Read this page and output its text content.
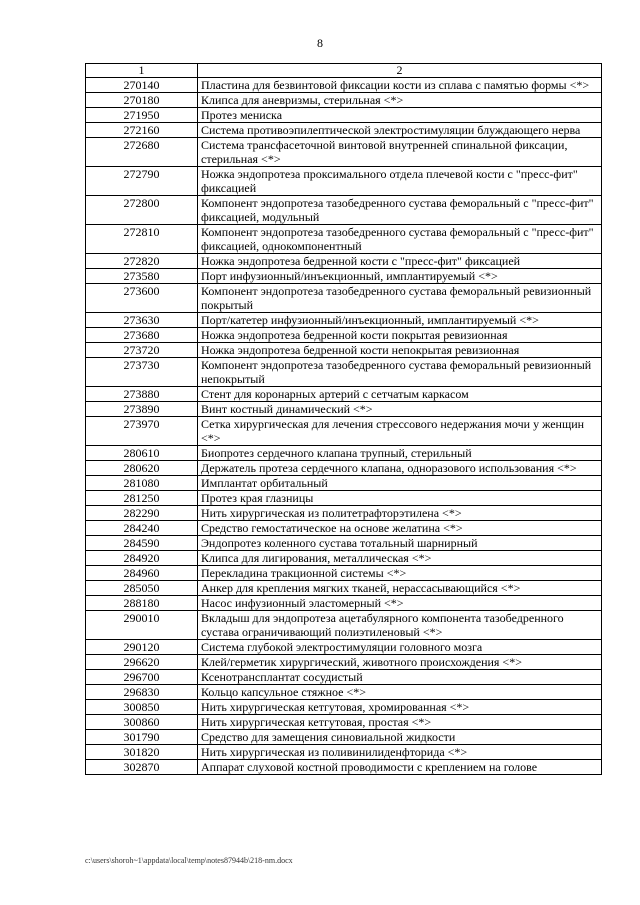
8
1	2
270140	Пластина для безвинтовой фиксации кости из сплава с памятью формы <*>
270180	Клипса для аневризмы, стерильная <*>
271950	Протез мениска
272160	Система противоэпилептической электростимуляции блуждающего нерва
272680	Система трансфасеточной винтовой внутренней спинальной фиксации, стерильная <*>
272790	Ножка эндопротеза проксимального отдела плечевой кости с "пресс-фит" фиксацией
272800	Компонент эндопротеза тазобедренного сустава феморальный с "пресс-фит" фиксацией, модульный
272810	Компонент эндопротеза тазобедренного сустава феморальный с "пресс-фит" фиксацией, однокомпонентный
272820	Ножка эндопротеза бедренной кости с "пресс-фит" фиксацией
273580	Порт инфузионный/инъекционный, имплантируемый <*>
273600	Компонент эндопротеза тазобедренного сустава феморальный ревизионный покрытый
273630	Порт/катетер инфузионный/инъекционный, имплантируемый <*>
273680	Ножка эндопротеза бедренной кости покрытая ревизионная
273720	Ножка эндопротеза бедренной кости непокрытая ревизионная
273730	Компонент эндопротеза тазобедренного сустава феморальный ревизионный непокрытый
273880	Стент для коронарных артерий с сетчатым каркасом
273890	Винт костный динамический <*>
273970	Сетка хирургическая для лечения стрессового недержания мочи у женщин <*>
280610	Биопротез сердечного клапана трупный, стерильный
280620	Держатель протеза сердечного клапана, одноразового использования <*>
281080	Имплантат орбитальный
281250	Протез края глазницы
282290	Нить хирургическая из политетрафторэтилена <*>
284240	Средство гемостатическое на основе желатина <*>
284590	Эндопротез коленного сустава тотальный шарнирный
284920	Клипса для лигирования, металлическая <*>
284960	Перекладина тракционной системы <*>
285050	Анкер для крепления мягких тканей, нерассасывающийся <*>
288180	Насос инфузионный эластомерный <*>
290010	Вкладыш для эндопротеза ацетабулярного компонента тазобедренного сустава ограничивающий полиэтиленовый <*>
290120	Система глубокой электростимуляции головного мозга
296620	Клей/герметик хирургический, животного происхождения <*>
296700	Ксенотрансплантат сосудистый
296830	Кольцо капсульное стяжное <*>
300850	Нить хирургическая кетгутовая, хромированная <*>
300860	Нить хирургическая кетгутовая, простая <*>
301790	Средство для замещения синовиальной жидкости
301820	Нить хирургическая из поливинилиденфторида <*>
302870	Аппарат слуховой костной проводимости с креплением на голове
c:\users\shoroh~1\appdata\local\temp\notes87944b\218-nm.docx
